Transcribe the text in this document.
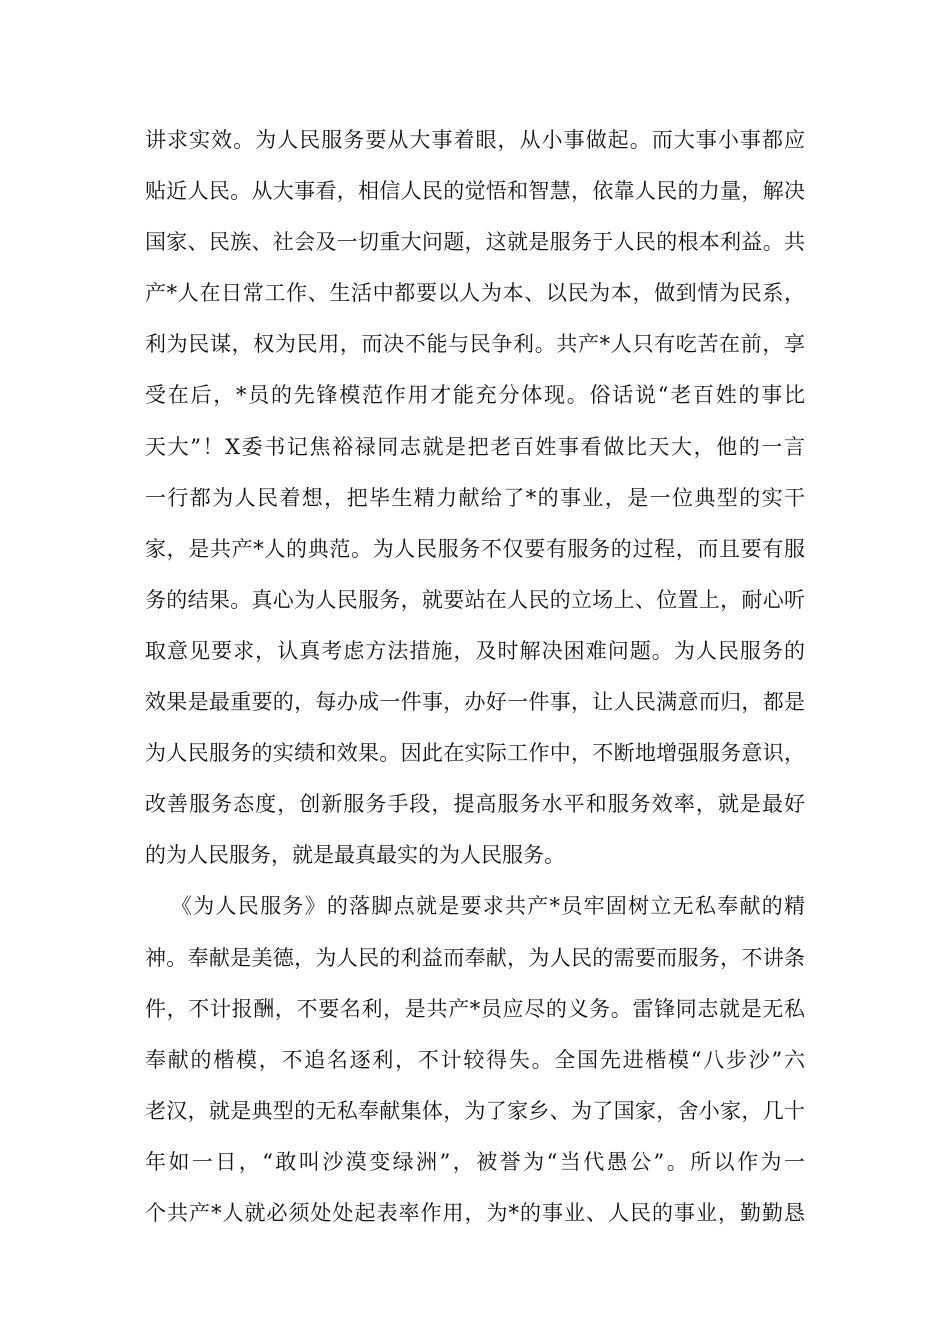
讲求实效。为人民服务要从大事着眼，从小事做起。而大事小事都应
贴近人民。从大事看，相信人民的觉悟和智慧，依靠人民的力量，解决
国家、民族、社会及一切重大问题，这就是服务于人民的根本利益。共
产*人在日常工作、生活中都要以人为本、以民为本，做到情为民系，
利为民谋，权为民用，而决不能与民争利。共产*人只有吃苦在前，享
受在后，*员的先锋模范作用才能充分体现。俗话说“老百姓的事比
天大”！X委书记焦裕禄同志就是把老百姓事看做比天大，他的一言
一行都为人民着想，把毕生精力献给了*的事业，是一位典型的实干
家，是共产*人的典范。为人民服务不仅要有服务的过程，而且要有服
务的结果。真心为人民服务，就要站在人民的立场上、位置上，耐心听
取意见要求，认真考虑方法措施，及时解决困难问题。为人民服务的
效果是最重要的，每办成一件事，办好一件事，让人民满意而归，都是
为人民服务的实绩和效果。因此在实际工作中，不断地增强服务意识，
改善服务态度，创新服务手段，提高服务水平和服务效率，就是最好
的为人民服务，就是最真最实的为人民服务。
《为人民服务》的落脚点就是要求共产*员牢固树立无私奉献的精
神。奉献是美德，为人民的利益而奉献，为人民的需要而服务，不讲条
件，不计报酬，不要名利，是共产*员应尽的义务。雷锋同志就是无私
奉献的楷模，不追名逐利，不计较得失。全国先进楷模“八步沙”六
老汉，就是典型的无私奉献集体，为了家乡、为了国家，舍小家，几十
年如一日，“敢叫沙漠变绿洲”，被誉为“当代愚公”。所以作为一
个共产*人就必须处处起表率作用，为*的事业、人民的事业，勤勤恳
